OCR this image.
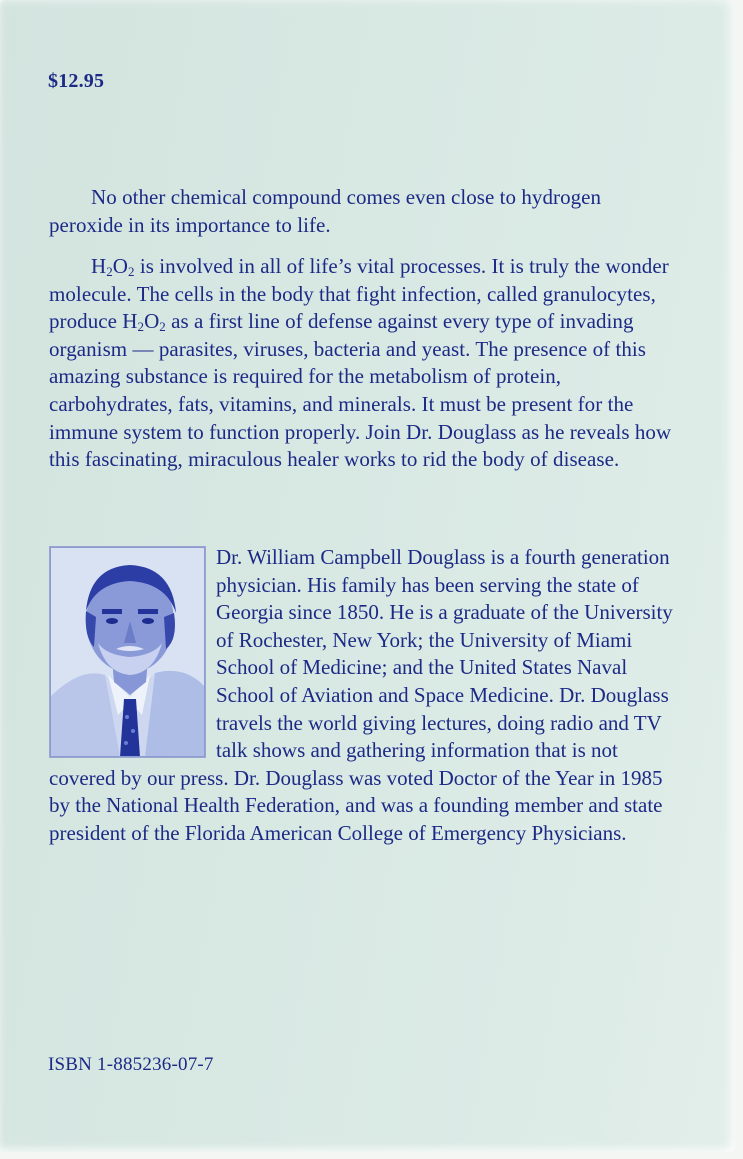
$12.95

No other chemical compound comes even close to hydrogen peroxide in its importance to life.

$H_2O_2$ is involved in all of life’s vital processes. It is truly the wonder molecule. The cells in the body that fight infection, called granulocytes, produce $H_2O_2$ as a first line of defense against every type of invading organism — parasites, viruses, bacteria and yeast. The presence of this amazing substance is required for the metabolism of protein, carbohydrates, fats, vitamins, and minerals. It must be present for the immune system to function properly. Join Dr. Douglass as he reveals how this fascinating, miraculous healer works to rid the body of disease.

Dr. William Campbell Douglass is a fourth generation physician. His family has been serving the state of Georgia since 1850. He is a graduate of the University of Rochester, New York; the University of Miami School of Medicine; and the United States Naval School of Aviation and Space Medicine. Dr. Douglass travels the world giving lectures, doing radio and TV talk shows and gathering information that is not covered by our press. Dr. Douglass was voted Doctor of the Year in 1985 by the National Health Federation, and was a founding member and state president of the Florida American College of Emergency Physicians.
ISBN 1-885236-07-7
